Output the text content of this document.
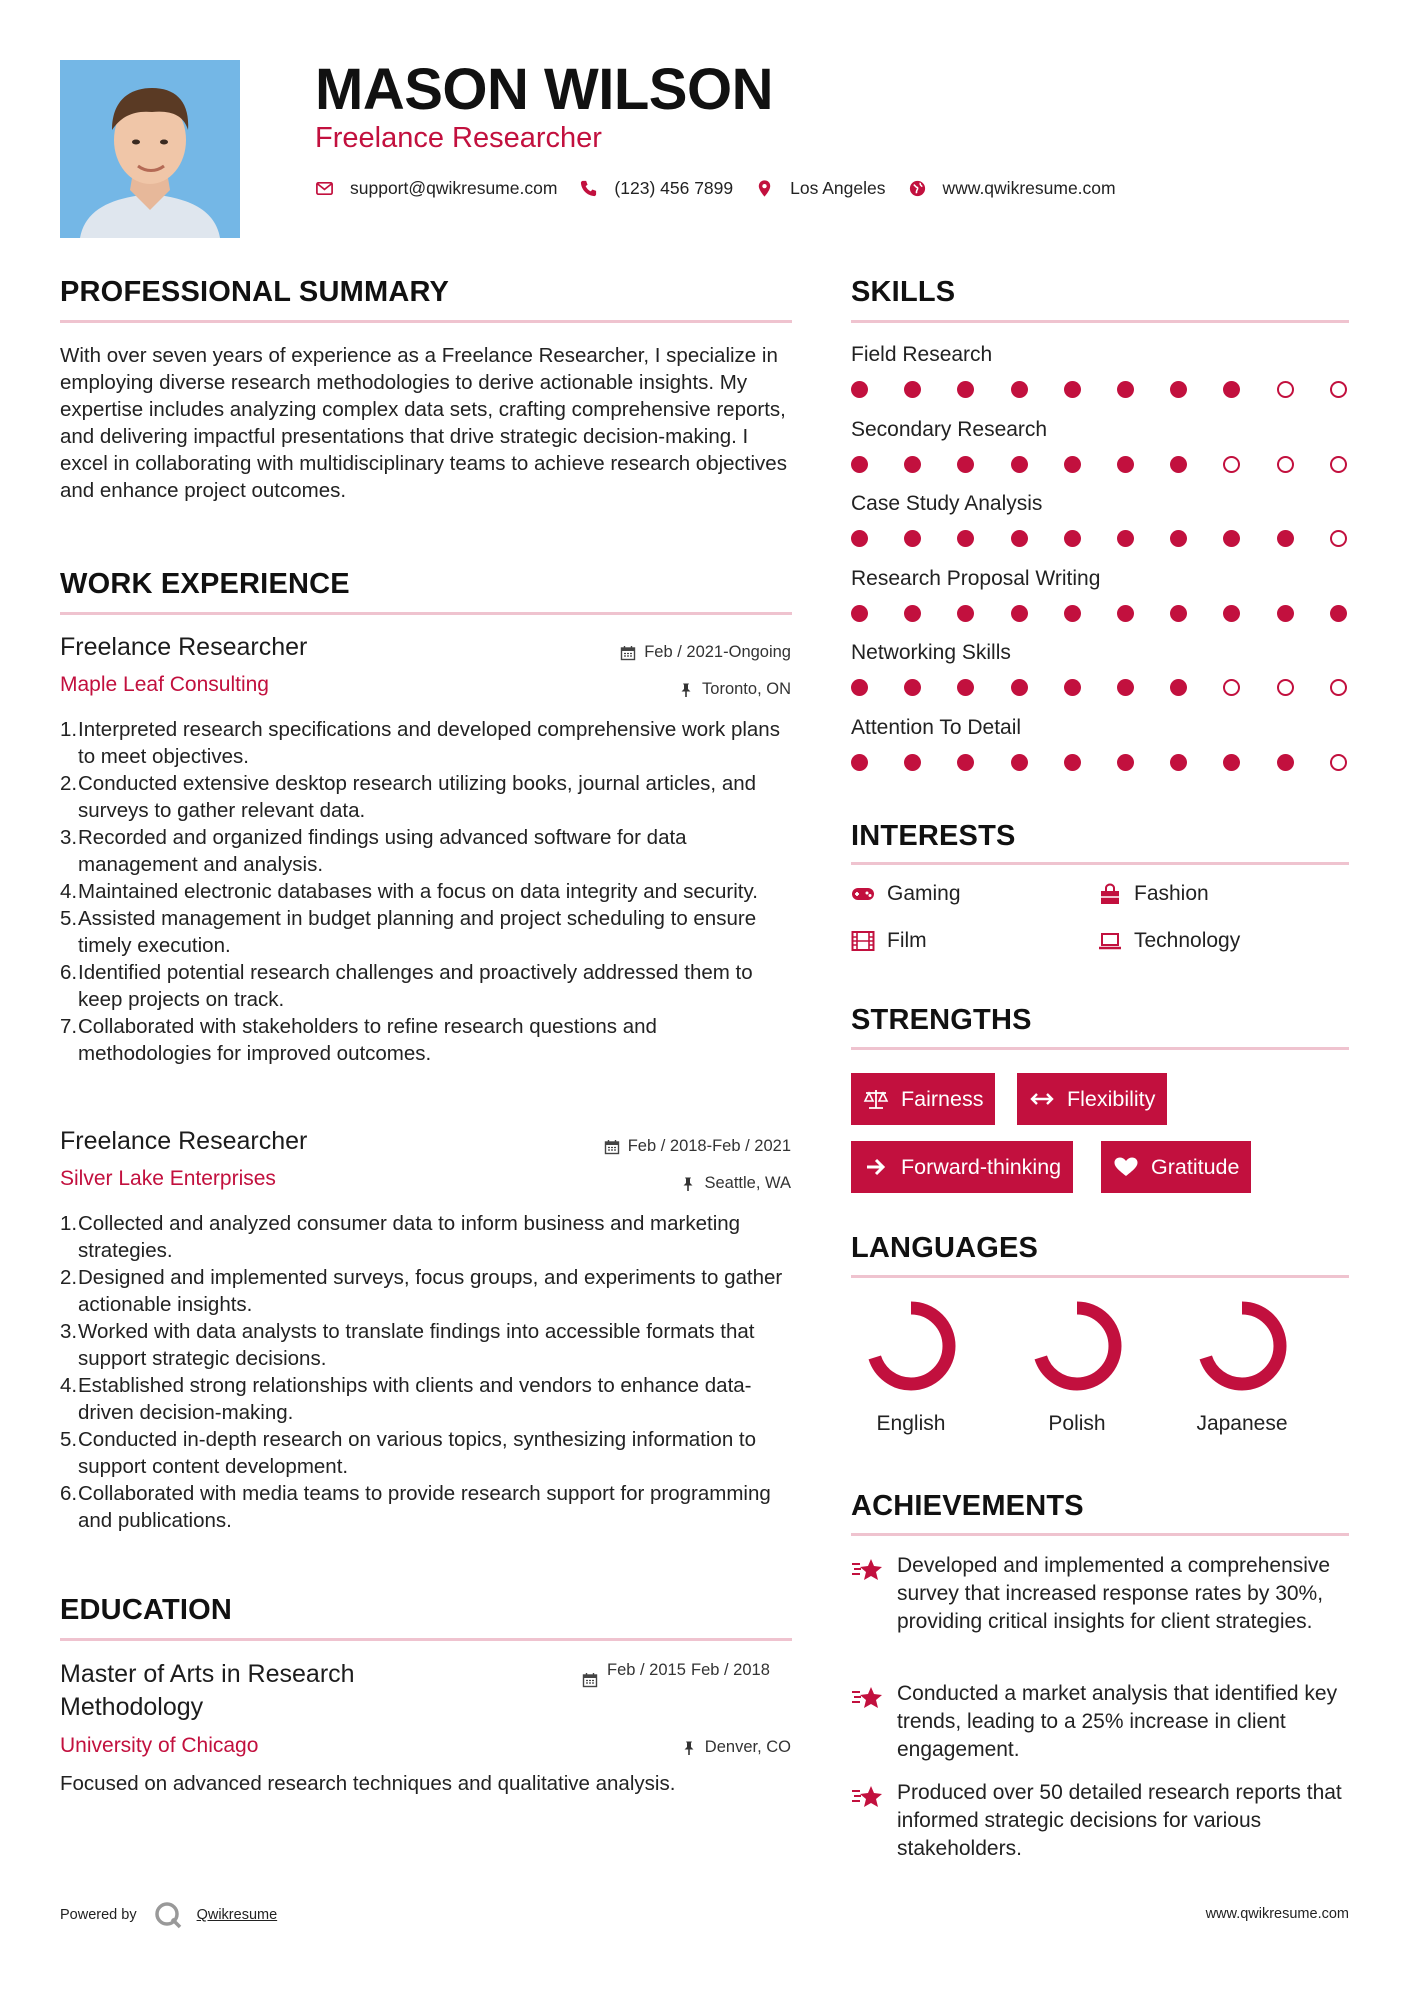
MASON WILSON
Freelance Researcher
support@qwikresume.com	(123) 456 7899	Los Angeles	www.qwikresume.com
PROFESSIONAL SUMMARY
With over seven years of experience as a Freelance Researcher, I specialize in employing diverse research methodologies to derive actionable insights. My expertise includes analyzing complex data sets, crafting comprehensive reports, and delivering impactful presentations that drive strategic decision-making. I excel in collaborating with multidisciplinary teams to achieve research objectives and enhance project outcomes.
WORK EXPERIENCE
Freelance Researcher	Feb / 2021-Ongoing
Maple Leaf Consulting	Toronto, ON
1. Interpreted research specifications and developed comprehensive work plans to meet objectives.
2. Conducted extensive desktop research utilizing books, journal articles, and surveys to gather relevant data.
3. Recorded and organized findings using advanced software for data management and analysis.
4. Maintained electronic databases with a focus on data integrity and security.
5. Assisted management in budget planning and project scheduling to ensure timely execution.
6. Identified potential research challenges and proactively addressed them to keep projects on track.
7. Collaborated with stakeholders to refine research questions and methodologies for improved outcomes.
Freelance Researcher	Feb / 2018-Feb / 2021
Silver Lake Enterprises	Seattle, WA
1. Collected and analyzed consumer data to inform business and marketing strategies.
2. Designed and implemented surveys, focus groups, and experiments to gather actionable insights.
3. Worked with data analysts to translate findings into accessible formats that support strategic decisions.
4. Established strong relationships with clients and vendors to enhance data-driven decision-making.
5. Conducted in-depth research on various topics, synthesizing information to support content development.
6. Collaborated with media teams to provide research support for programming and publications.
EDUCATION
Master of Arts in Research Methodology
Feb / 2015 Feb / 2018
University of Chicago	Denver, CO
Focused on advanced research techniques and qualitative analysis.
SKILLS
Field Research
Secondary Research
Case Study Analysis
Research Proposal Writing
Networking Skills
Attention To Detail
INTERESTS
Gaming	Fashion
Film	Technology
STRENGTHS
Fairness	Flexibility
Forward-thinking	Gratitude
LANGUAGES
English	Polish	Japanese
ACHIEVEMENTS
Developed and implemented a comprehensive survey that increased response rates by 30%, providing critical insights for client strategies.
Conducted a market analysis that identified key trends, leading to a 25% increase in client engagement.
Produced over 50 detailed research reports that informed strategic decisions for various stakeholders.
Powered by	Qwikresume	www.qwikresume.com
